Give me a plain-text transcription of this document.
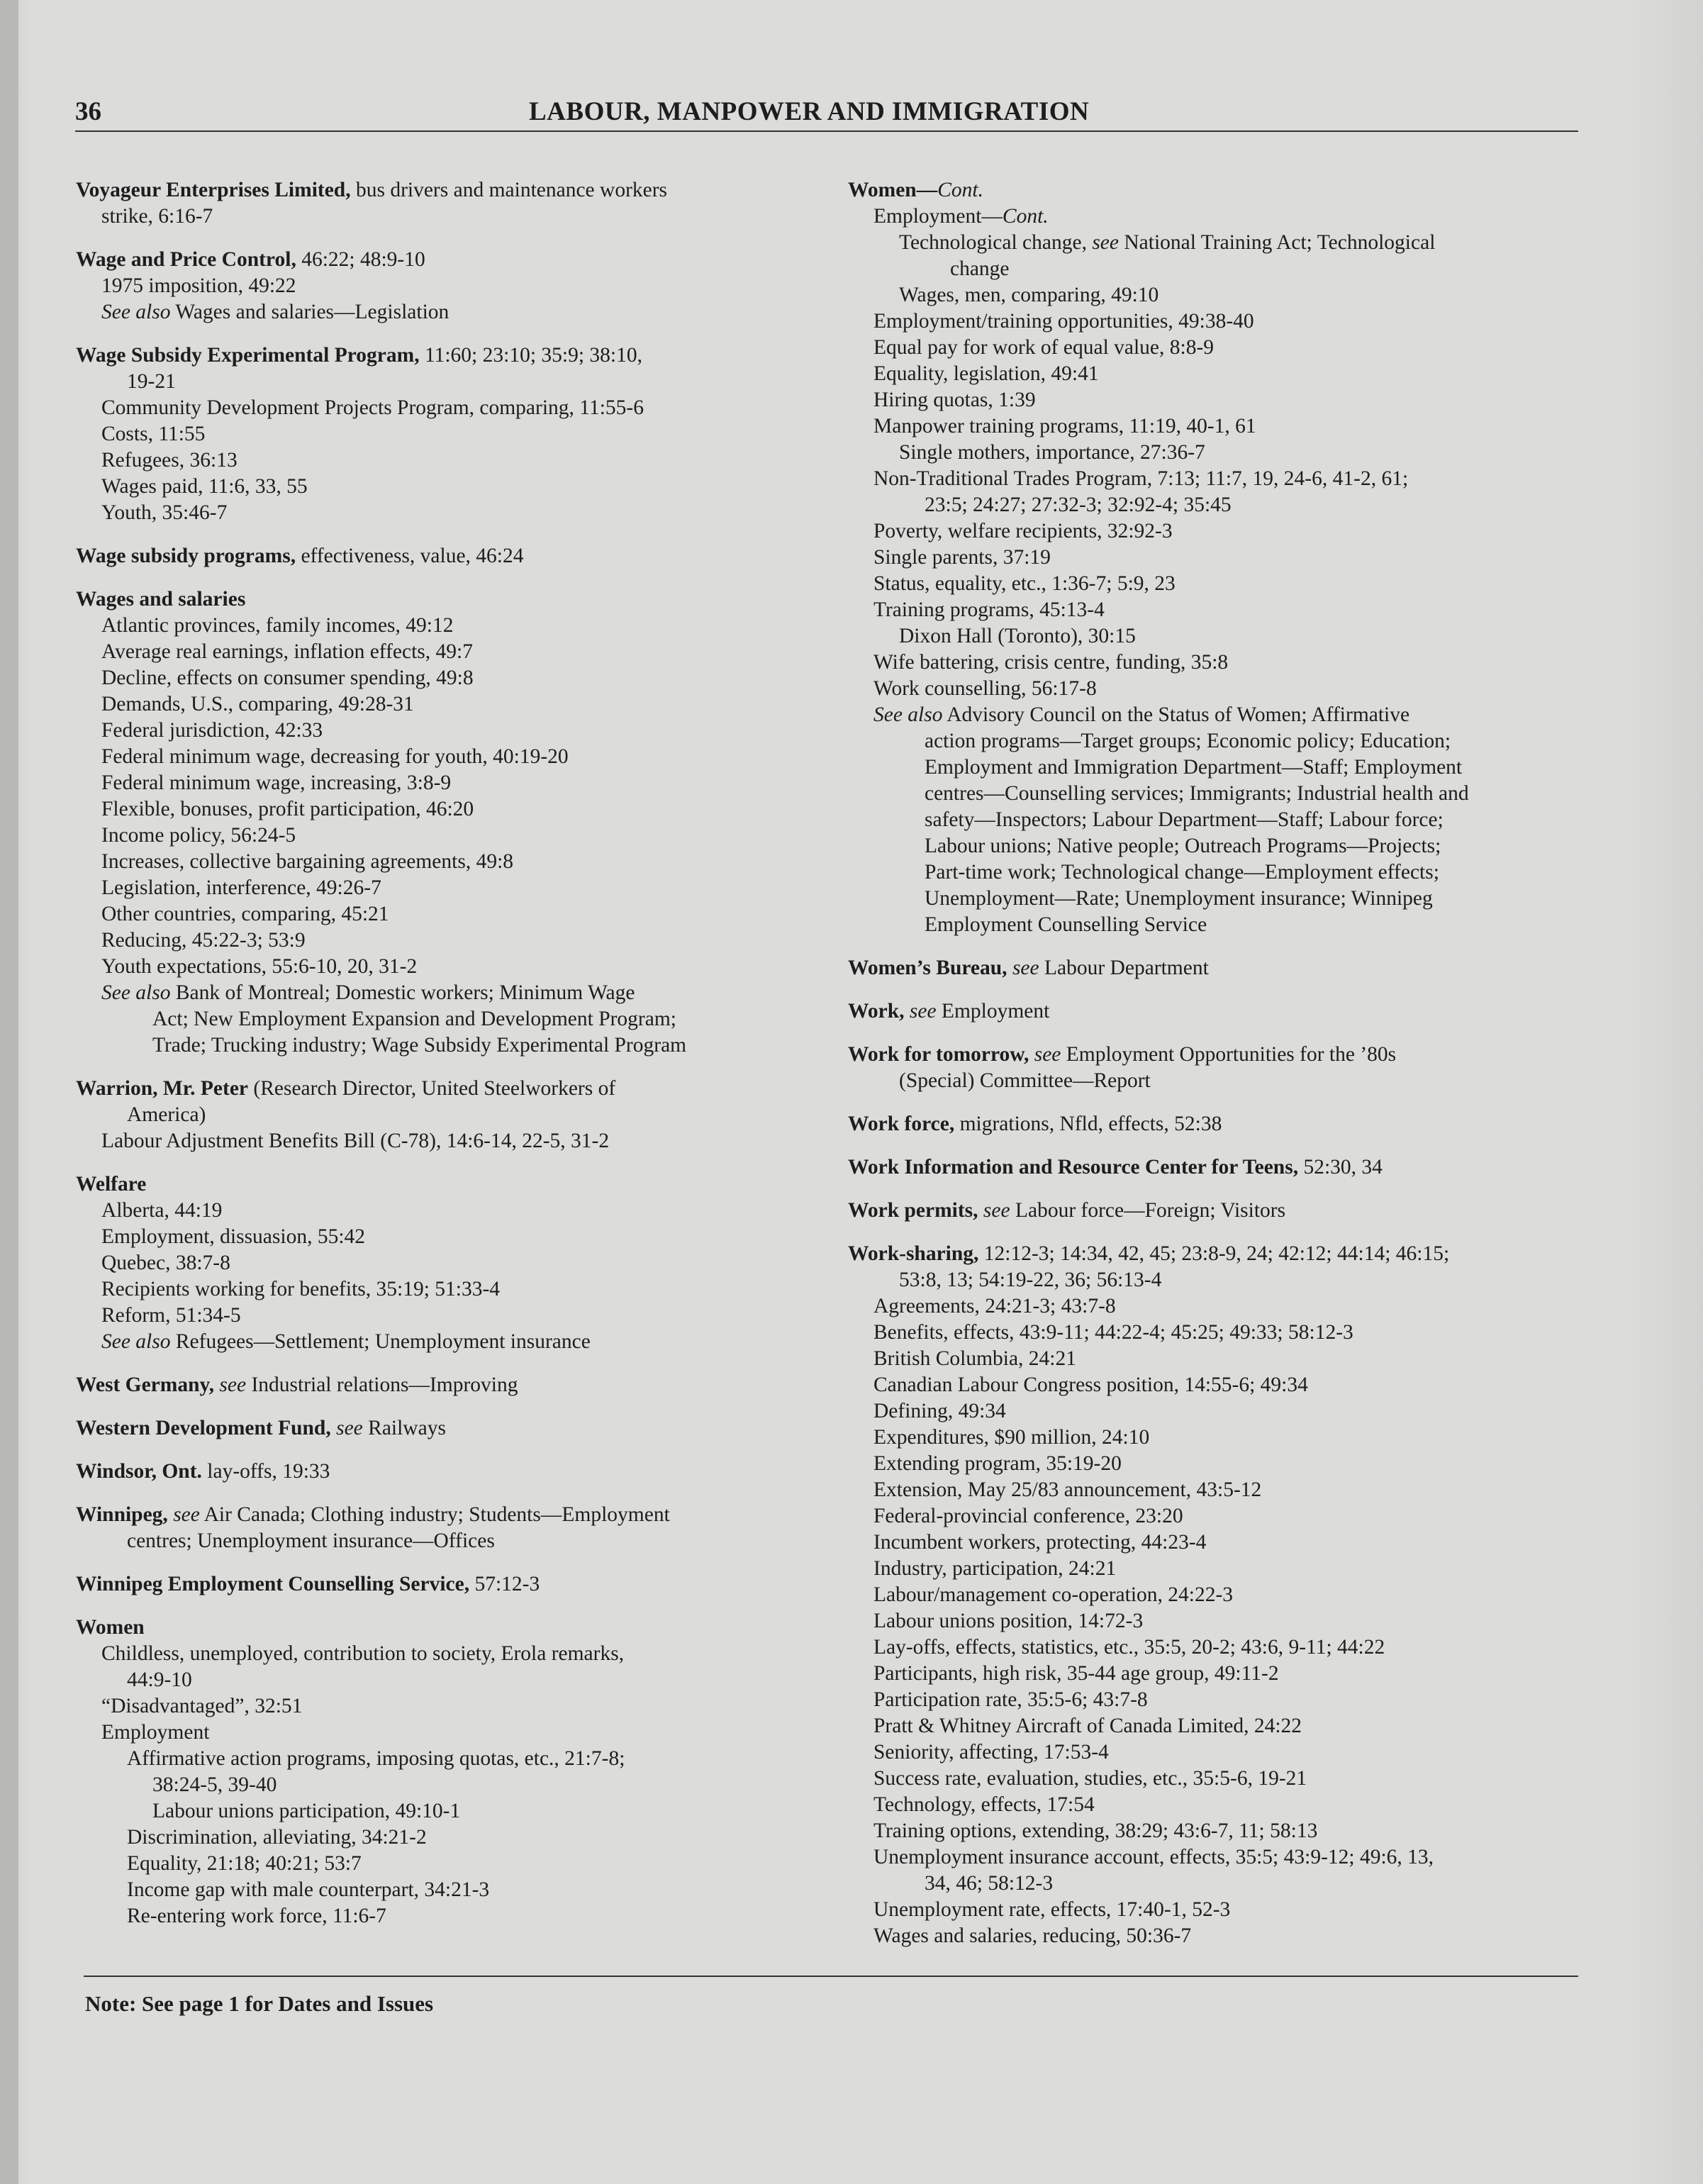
36	LABOUR, MANPOWER AND IMMIGRATION
Voyageur Enterprises Limited, bus drivers and maintenance workers
strike, 6:16-7
Wage and Price Control, 46:22; 48:9-10
1975 imposition, 49:22
See also Wages and salaries—Legislation
Wage Subsidy Experimental Program, 11:60; 23:10; 35:9; 38:10,
19-21
Community Development Projects Program, comparing, 11:55-6
Costs, 11:55
Refugees, 36:13
Wages paid, 11:6, 33, 55
Youth, 35:46-7
Wage subsidy programs, effectiveness, value, 46:24
Wages and salaries
Atlantic provinces, family incomes, 49:12
Average real earnings, inflation effects, 49:7
Decline, effects on consumer spending, 49:8
Demands, U.S., comparing, 49:28-31
Federal jurisdiction, 42:33
Federal minimum wage, decreasing for youth, 40:19-20
Federal minimum wage, increasing, 3:8-9
Flexible, bonuses, profit participation, 46:20
Income policy, 56:24-5
Increases, collective bargaining agreements, 49:8
Legislation, interference, 49:26-7
Other countries, comparing, 45:21
Reducing, 45:22-3; 53:9
Youth expectations, 55:6-10, 20, 31-2
See also Bank of Montreal; Domestic workers; Minimum Wage
Act; New Employment Expansion and Development Program;
Trade; Trucking industry; Wage Subsidy Experimental Program
Warrion, Mr. Peter (Research Director, United Steelworkers of
America)
Labour Adjustment Benefits Bill (C-78), 14:6-14, 22-5, 31-2
Welfare
Alberta, 44:19
Employment, dissuasion, 55:42
Quebec, 38:7-8
Recipients working for benefits, 35:19; 51:33-4
Reform, 51:34-5
See also Refugees—Settlement; Unemployment insurance
West Germany, see Industrial relations—Improving
Western Development Fund, see Railways
Windsor, Ont. lay-offs, 19:33
Winnipeg, see Air Canada; Clothing industry; Students—Employment
centres; Unemployment insurance—Offices
Winnipeg Employment Counselling Service, 57:12-3
Women
Childless, unemployed, contribution to society, Erola remarks,
44:9-10
“Disadvantaged”, 32:51
Employment
Affirmative action programs, imposing quotas, etc., 21:7-8;
38:24-5, 39-40
Labour unions participation, 49:10-1
Discrimination, alleviating, 34:21-2
Equality, 21:18; 40:21; 53:7
Income gap with male counterpart, 34:21-3
Re-entering work force, 11:6-7
Women—Cont.
Employment—Cont.
Technological change, see National Training Act; Technological
change
Wages, men, comparing, 49:10
Employment/training opportunities, 49:38-40
Equal pay for work of equal value, 8:8-9
Equality, legislation, 49:41
Hiring quotas, 1:39
Manpower training programs, 11:19, 40-1, 61
Single mothers, importance, 27:36-7
Non-Traditional Trades Program, 7:13; 11:7, 19, 24-6, 41-2, 61;
23:5; 24:27; 27:32-3; 32:92-4; 35:45
Poverty, welfare recipients, 32:92-3
Single parents, 37:19
Status, equality, etc., 1:36-7; 5:9, 23
Training programs, 45:13-4
Dixon Hall (Toronto), 30:15
Wife battering, crisis centre, funding, 35:8
Work counselling, 56:17-8
See also Advisory Council on the Status of Women; Affirmative
action programs—Target groups; Economic policy; Education;
Employment and Immigration Department—Staff; Employment
centres—Counselling services; Immigrants; Industrial health and
safety—Inspectors; Labour Department—Staff; Labour force;
Labour unions; Native people; Outreach Programs—Projects;
Part-time work; Technological change—Employment effects;
Unemployment—Rate; Unemployment insurance; Winnipeg
Employment Counselling Service
Women’s Bureau, see Labour Department
Work, see Employment
Work for tomorrow, see Employment Opportunities for the ’80s
(Special) Committee—Report
Work force, migrations, Nfld, effects, 52:38
Work Information and Resource Center for Teens, 52:30, 34
Work permits, see Labour force—Foreign; Visitors
Work-sharing, 12:12-3; 14:34, 42, 45; 23:8-9, 24; 42:12; 44:14; 46:15;
53:8, 13; 54:19-22, 36; 56:13-4
Agreements, 24:21-3; 43:7-8
Benefits, effects, 43:9-11; 44:22-4; 45:25; 49:33; 58:12-3
British Columbia, 24:21
Canadian Labour Congress position, 14:55-6; 49:34
Defining, 49:34
Expenditures, $90 million, 24:10
Extending program, 35:19-20
Extension, May 25/83 announcement, 43:5-12
Federal-provincial conference, 23:20
Incumbent workers, protecting, 44:23-4
Industry, participation, 24:21
Labour/management co-operation, 24:22-3
Labour unions position, 14:72-3
Lay-offs, effects, statistics, etc., 35:5, 20-2; 43:6, 9-11; 44:22
Participants, high risk, 35-44 age group, 49:11-2
Participation rate, 35:5-6; 43:7-8
Pratt & Whitney Aircraft of Canada Limited, 24:22
Seniority, affecting, 17:53-4
Success rate, evaluation, studies, etc., 35:5-6, 19-21
Technology, effects, 17:54
Training options, extending, 38:29; 43:6-7, 11; 58:13
Unemployment insurance account, effects, 35:5; 43:9-12; 49:6, 13,
34, 46; 58:12-3
Unemployment rate, effects, 17:40-1, 52-3
Wages and salaries, reducing, 50:36-7
Note: See page 1 for Dates and Issues
